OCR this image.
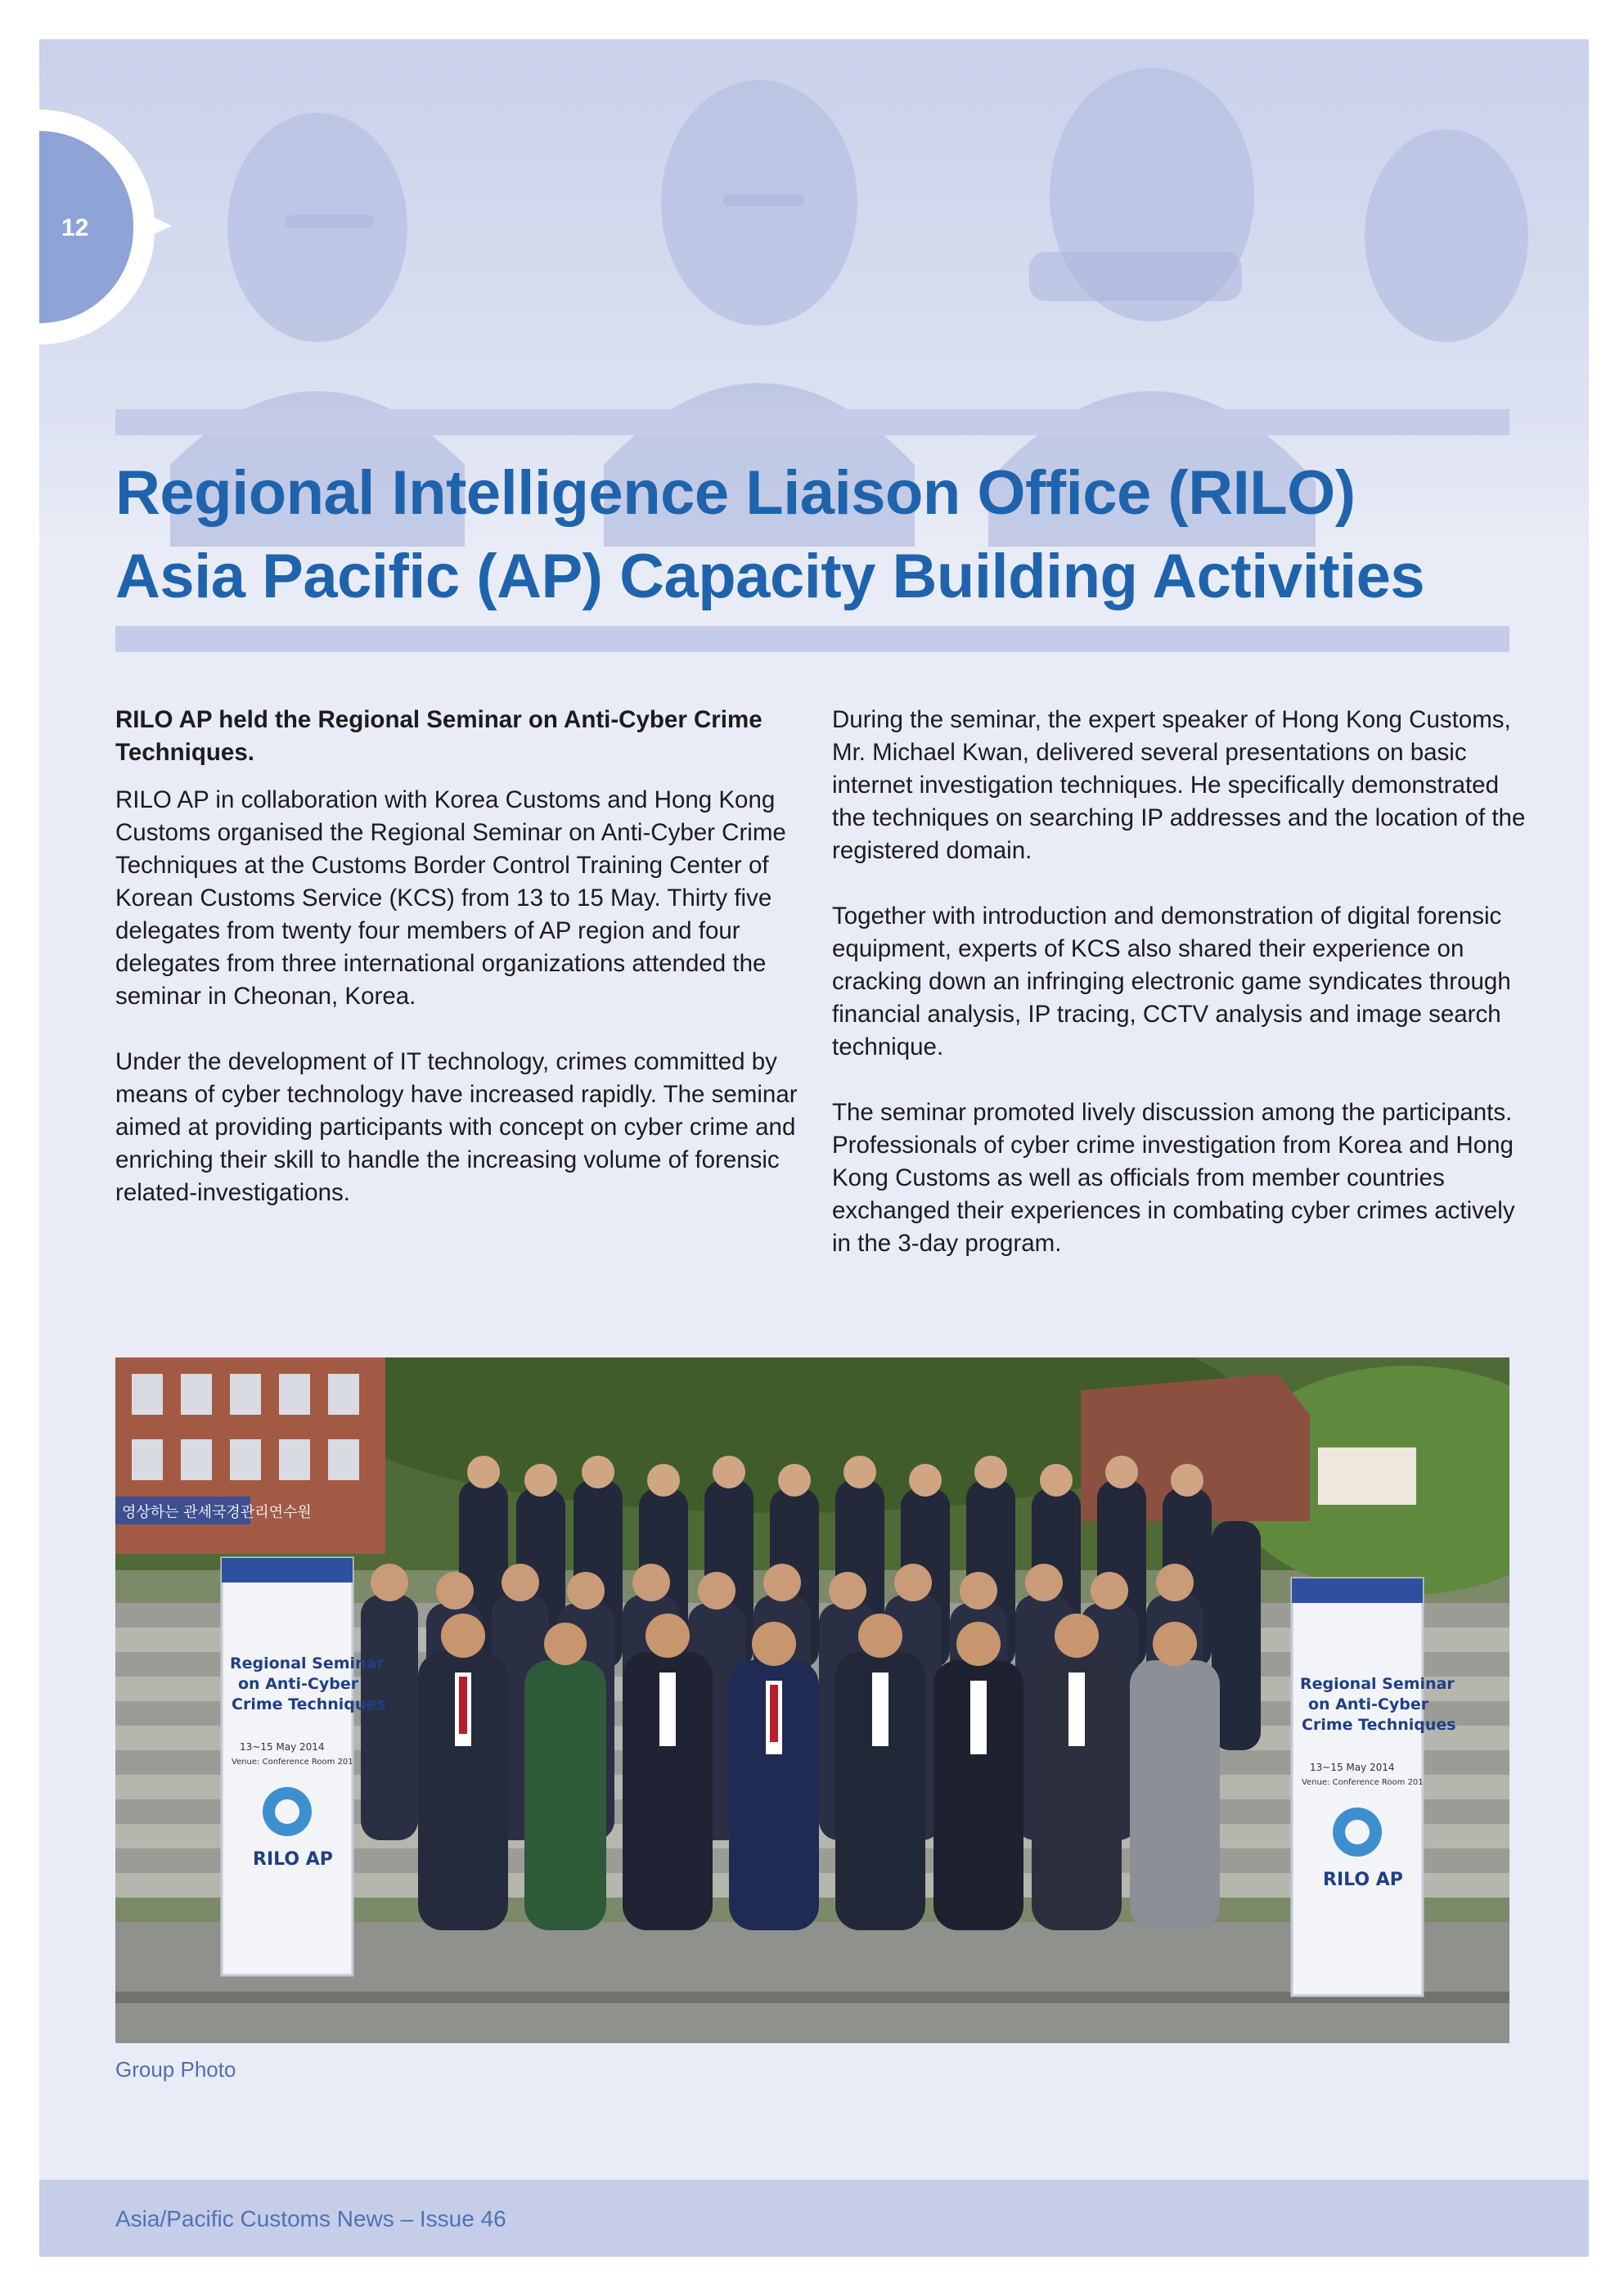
12
Regional Intelligence Liaison Office (RILO)
Asia Pacific (AP) Capacity Building Activities

RILO AP held the Regional Seminar on Anti-Cyber Crime Techniques.

RILO AP in collaboration with Korea Customs and Hong Kong Customs organised the Regional Seminar on Anti-Cyber Crime Techniques at the Customs Border Control Training Center of Korean Customs Service (KCS) from 13 to 15 May. Thirty five delegates from twenty four members of AP region and four delegates from three international organizations attended the seminar in Cheonan, Korea.

Under the development of IT technology, crimes committed by means of cyber technology have increased rapidly. The seminar aimed at providing participants with concept on cyber crime and enriching their skill to handle the increasing volume of forensic related-investigations.

During the seminar, the expert speaker of Hong Kong Customs, Mr. Michael Kwan, delivered several presentations on basic internet investigation techniques. He specifically demonstrated the techniques on searching IP addresses and the location of the registered domain.

Together with introduction and demonstration of digital forensic equipment, experts of KCS also shared their experience on cracking down an infringing electronic game syndicates through financial analysis, IP tracing, CCTV analysis and image search technique.

The seminar promoted lively discussion among the participants. Professionals of cyber crime investigation from Korea and Hong Kong Customs as well as officials from member countries exchanged their experiences in combating cyber crimes actively in the 3-day program.

영상하는 관세국경관리연수원
Regional Seminar
on Anti-Cyber
Crime Techniques
13~15 May 2014
Venue: Conference Room 201
RILO AP
Regional Seminar
on Anti-Cyber
Crime Techniques
13~15 May 2014
Venue: Conference Room 201
RILO AP
Group Photo
Asia/Pacific Customs News – Issue 46
